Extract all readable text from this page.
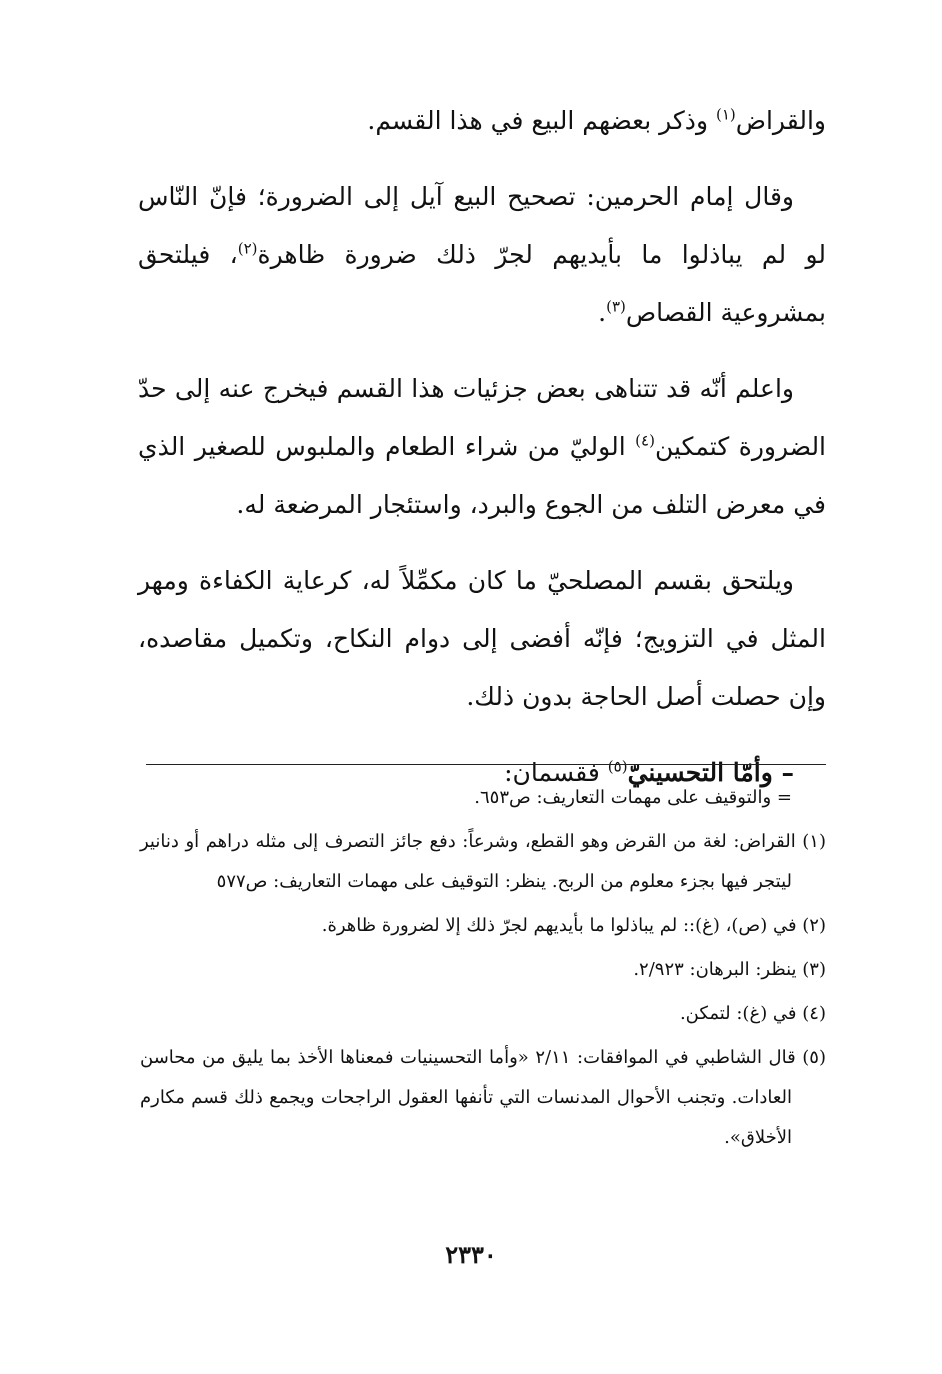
والقراض$^{(١)}$ وذكر بعضهم البيع في هذا القسم.

وقال إمام الحرمين: تصحيح البيع آيل إلى الضرورة؛ فإنّ النّاس لو لم يباذلوا ما بأيديهم لجرّ ذلك ضرورة ظاهرة$^{(٢)}$، فيلتحق بمشروعية القصاص$^{(٣)}$.

واعلم أنّه قد تتناهى بعض جزئيات هذا القسم فيخرج عنه إلى حدّ الضرورة كتمكين$^{(٤)}$ الوليّ من شراء الطعام والملبوس للصغير الذي في معرض التلف من الجوع والبرد، واستئجار المرضعة له.

ويلتحق بقسم المصلحيّ ما كان مكمِّلاً له، كرعاية الكفاءة ومهر المثل في التزويج؛ فإنّه أفضى إلى دوام النكاح، وتكميل مقاصده، وإن حصلت أصل الحاجة بدون ذلك.

– وأمّا التحسينيّ$^{(٥)}$ فقسمان:

= والتوقيف على مهمات التعاريف: ص٦٥٣.

(١) القراض: لغة من القرض وهو القطع، وشرعاً: دفع جائز التصرف إلى مثله دراهم أو دنانير ليتجر فيها بجزء معلوم من الربح. ينظر: التوقيف على مهمات التعاريف: ص٥٧٧

(٢) في (ص)، (غ):: لم يباذلوا ما بأيديهم لجرّ ذلك إلا لضرورة ظاهرة.

(٣) ينظر: البرهان: ٢/٩٢٣.

(٤) في (غ): لتمكن.

(٥) قال الشاطبي في الموافقات: ٢/١١ «وأما التحسينيات فمعناها الأخذ بما يليق من محاسن العادات. وتجنب الأحوال المدنسات التي تأنفها العقول الراجحات ويجمع ذلك قسم مكارم الأخلاق».

٢٣٣٠
